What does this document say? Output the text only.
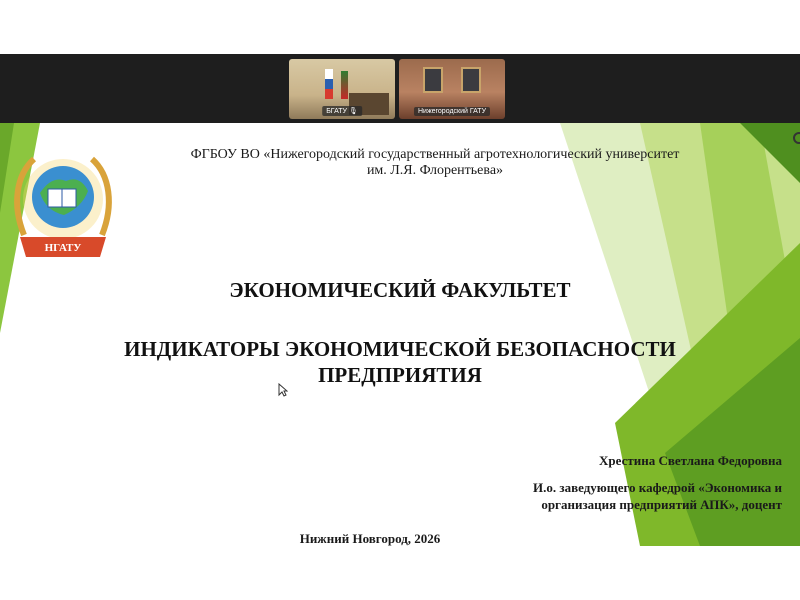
БГАТУ 🎙	Нижегородский ГАТУ
НГАТУ
ФГБОУ ВО «Нижегородский государственный агротехнологический университет
им. Л.Я. Флорентьева»
ЭКОНОМИЧЕСКИЙ ФАКУЛЬТЕТ
ИНДИКАТОРЫ ЭКОНОМИЧЕСКОЙ БЕЗОПАСНОСТИ
ПРЕДПРИЯТИЯ
Хрестина Светлана Федоровна
И.о. заведующего кафедрой «Экономика и
организация предприятий АПК», доцент
Нижний Новгород, 2026
